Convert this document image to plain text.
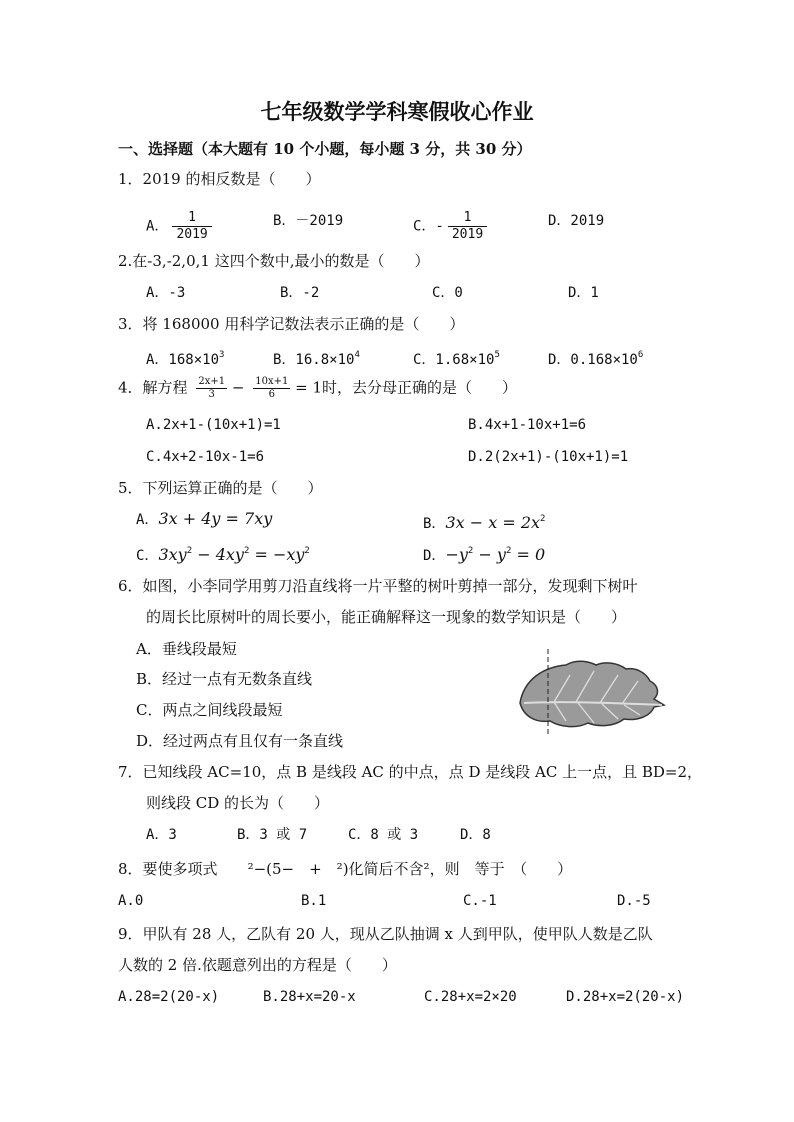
七年级数学学科寒假收心作业
一、选择题（本大题有 10 个小题，每小题 3 分，共 30 分）
1．2019 的相反数是（　　）
A． $\frac{1}{2019}$	B．－2019	C．- $\frac{1}{2019}$	D．2019
2.在-3,-2,0,1 这四个数中,最小的数是（　　）
A．-3	B．-2	C．0	D．1
3．将 168000 用科学记数法表示正确的是（　　）
A．$168\times 10^3$	B．$16.8\times 10^4$	C．$1.68\times 10^5$	D．$0.168\times 10^6$
4．解方程 $\frac{2x+1}{3} - \frac{10x+1}{6} = 1$时，去分母正确的是（　　）
A.2x+1-(10x+1)=1	B.4x+1-10x+1=6
C.4x+2-10x-1=6	D.2(2x+1)-(10x+1)=1
5．下列运算正确的是（　　）
A．3x + 4y = 7xy	B．$3x - x = 2x^2$
C．$3xy^2 - 4xy^2 = -xy^2$	D．$-y^2 - y^2 = 0$
6．如图，小李同学用剪刀沿直线将一片平整的树叶剪掉一部分，发现剩下树叶
的周长比原树叶的周长要小，能正确解释这一现象的数学知识是（　　）
A．垂线段最短
B．经过一点有无数条直线
C．两点之间线段最短
D．经过两点有且仅有一条直线
7．已知线段 AC=10，点 B 是线段 AC 的中点，点 D 是线段 AC 上一点，且 BD=2，
则线段 CD 的长为（　　）
A．3	B．3 或 7	C．8 或 3	D．8
8．要使多项式　　 ²−(5−　+　²)化简后不含²，则　 等于　（　　）
A.0	B.1	C.-1	D.-5
9．甲队有 28 人，乙队有 20 人，现从乙队抽调 x 人到甲队，使甲队人数是乙队
人数的 2 倍.依题意列出的方程是（　　）
A.28=2(20-x)	B.28+x=20-x	C.28+x=2×20	D.28+x=2(20-x)
